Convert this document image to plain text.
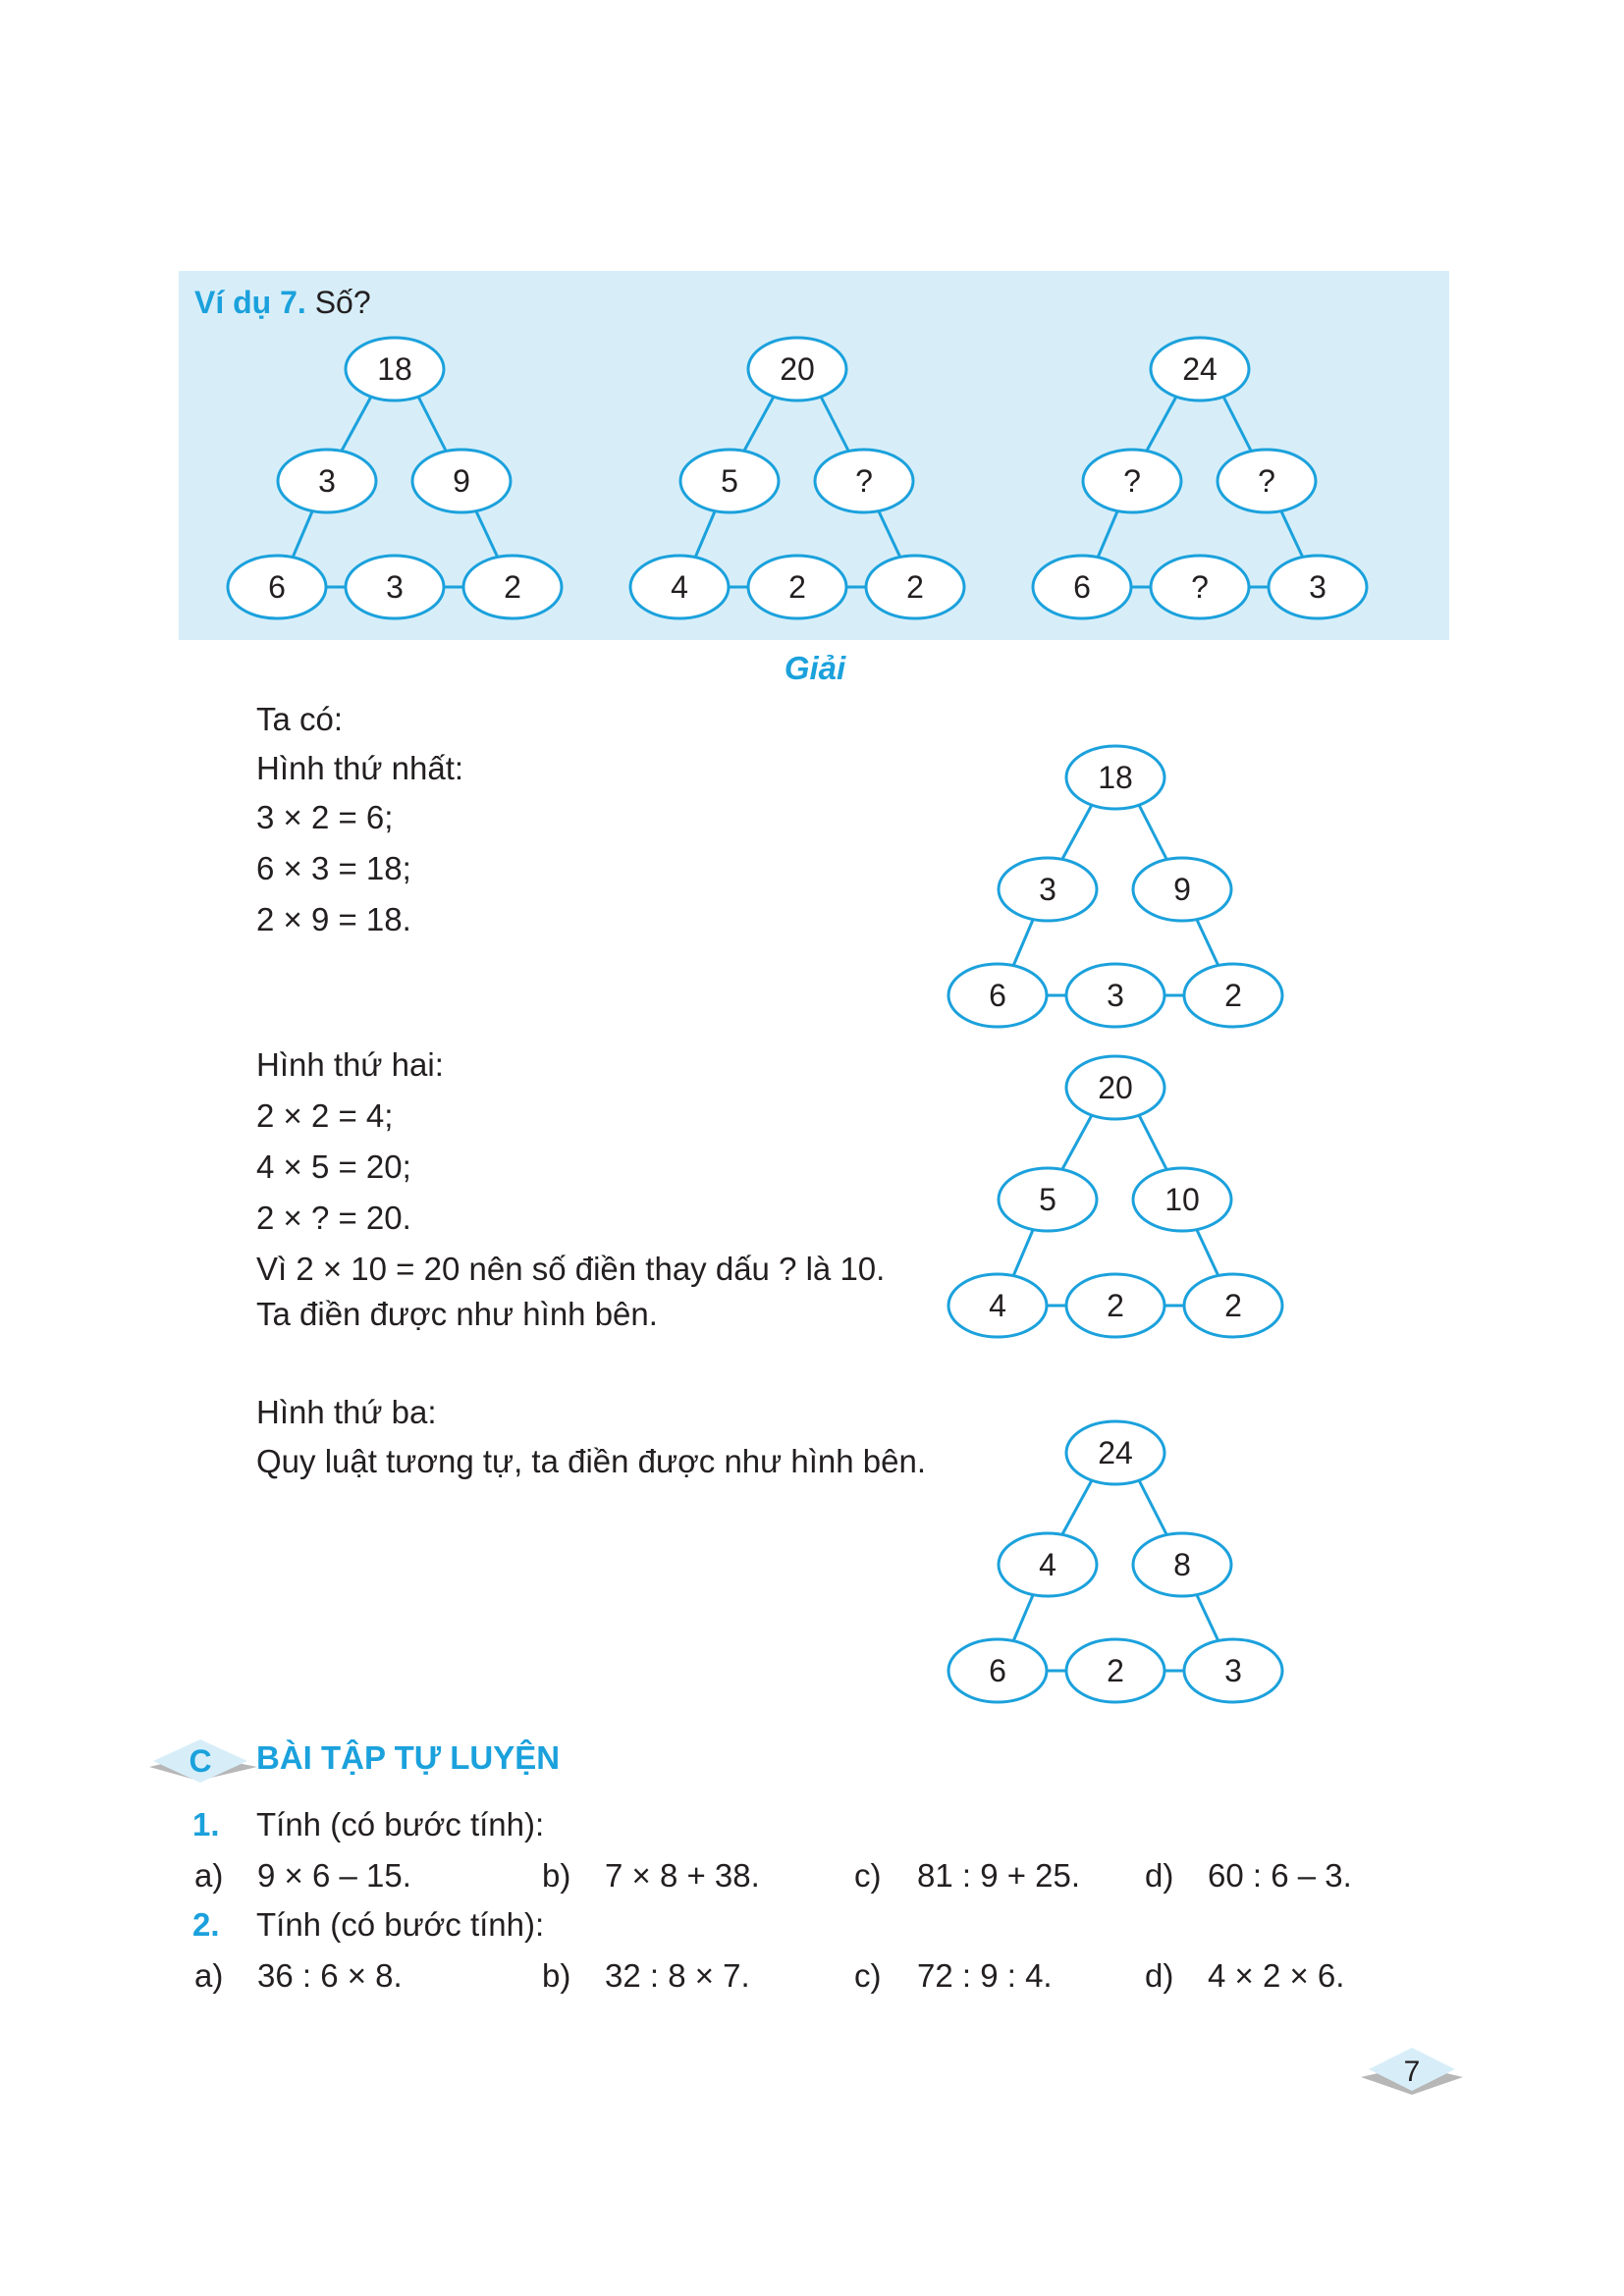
Ví dụ 7. Số?
18
3	9
6	3	2
20
5	?
4	2	2
24
?	?
6	?	3
Giải
Ta có:
Hình thứ nhất:
3 × 2 = 6;
6 × 3 = 18;
2 × 9 = 18.
Hình thứ hai:
2 × 2 = 4;
4 × 5 = 20;
2 × ? = 20.
Vì 2 × 10 = 20 nên số điền thay dấu ? là 10.
Ta điền được như hình bên.
Hình thứ ba:
Quy luật tương tự, ta điền được như hình bên.
18
3	9
6	3	2
20
5	10
4	2	2
24
4	8
6	2	3
C BÀI TẬP TỰ LUYỆN
1. Tính (có bước tính):
a) 9 × 6 – 15.	b) 7 × 8 + 38.	c) 81 : 9 + 25. d) 60 : 6 – 3.
2. Tính (có bước tính):
a) 36 : 6 × 8.	b) 32 : 8 × 7.	c) 72 : 9 : 4.	d) 4 × 2 × 6.
7
